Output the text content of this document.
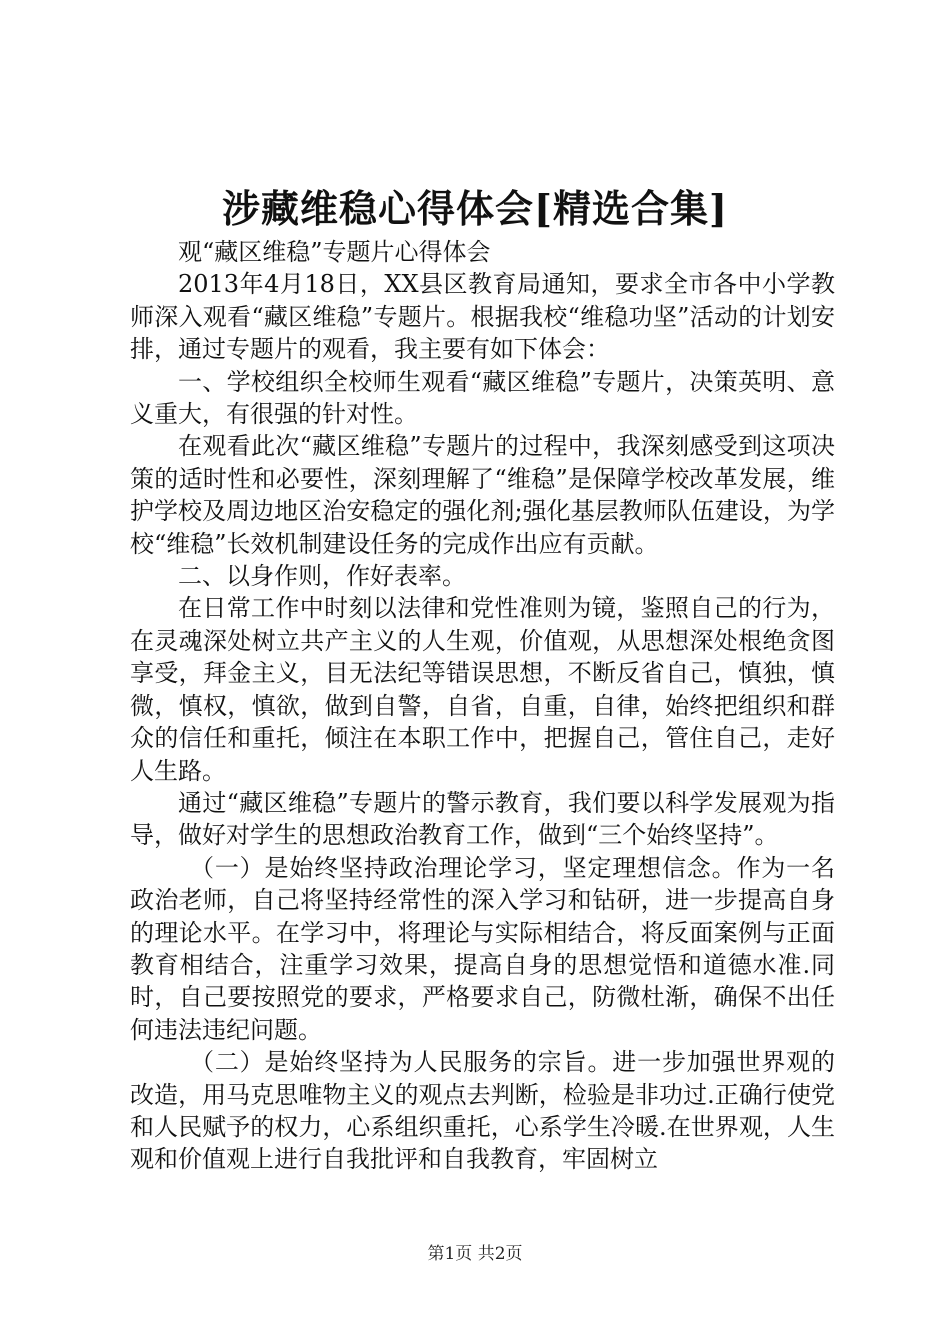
涉藏维稳心得体会[精选合集]

观“藏区维稳”专题片心得体会

2013年4月18日，XX县区教育局通知，要求全市各中小学教师深入观看“藏区维稳”专题片。根据我校“维稳功坚”活动的计划安排，通过专题片的观看，我主要有如下体会：

一、学校组织全校师生观看“藏区维稳”专题片，决策英明、意义重大，有很强的针对性。

在观看此次“藏区维稳”专题片的过程中，我深刻感受到这项决策的适时性和必要性，深刻理解了“维稳”是保障学校改革发展，维护学校及周边地区治安稳定的强化剂;强化基层教师队伍建设，为学校“维稳”长效机制建设任务的完成作出应有贡献。

二、以身作则，作好表率。

在日常工作中时刻以法律和党性准则为镜，鉴照自己的行为，在灵魂深处树立共产主义的人生观，价值观，从思想深处根绝贪图享受，拜金主义，目无法纪等错误思想，不断反省自己，慎独，慎微，慎权，慎欲，做到自警，自省，自重，自律，始终把组织和群众的信任和重托，倾注在本职工作中，把握自己，管住自己，走好人生路。

通过“藏区维稳”专题片的警示教育，我们要以科学发展观为指导，做好对学生的思想政治教育工作，做到“三个始终坚持”。

（一）是始终坚持政治理论学习，坚定理想信念。作为一名政治老师，自己将坚持经常性的深入学习和钻研，进一步提高自身的理论水平。在学习中，将理论与实际相结合，将反面案例与正面教育相结合，注重学习效果，提高自身的思想觉悟和道德水准.同时，自己要按照党的要求，严格要求自己，防微杜渐，确保不出任何违法违纪问题。

（二）是始终坚持为人民服务的宗旨。进一步加强世界观的改造，用马克思唯物主义的观点去判断，检验是非功过.正确行使党和人民赋予的权力，心系组织重托，心系学生冷暖.在世界观，人生观和价值观上进行自我批评和自我教育，牢固树立

第1页 共2页
